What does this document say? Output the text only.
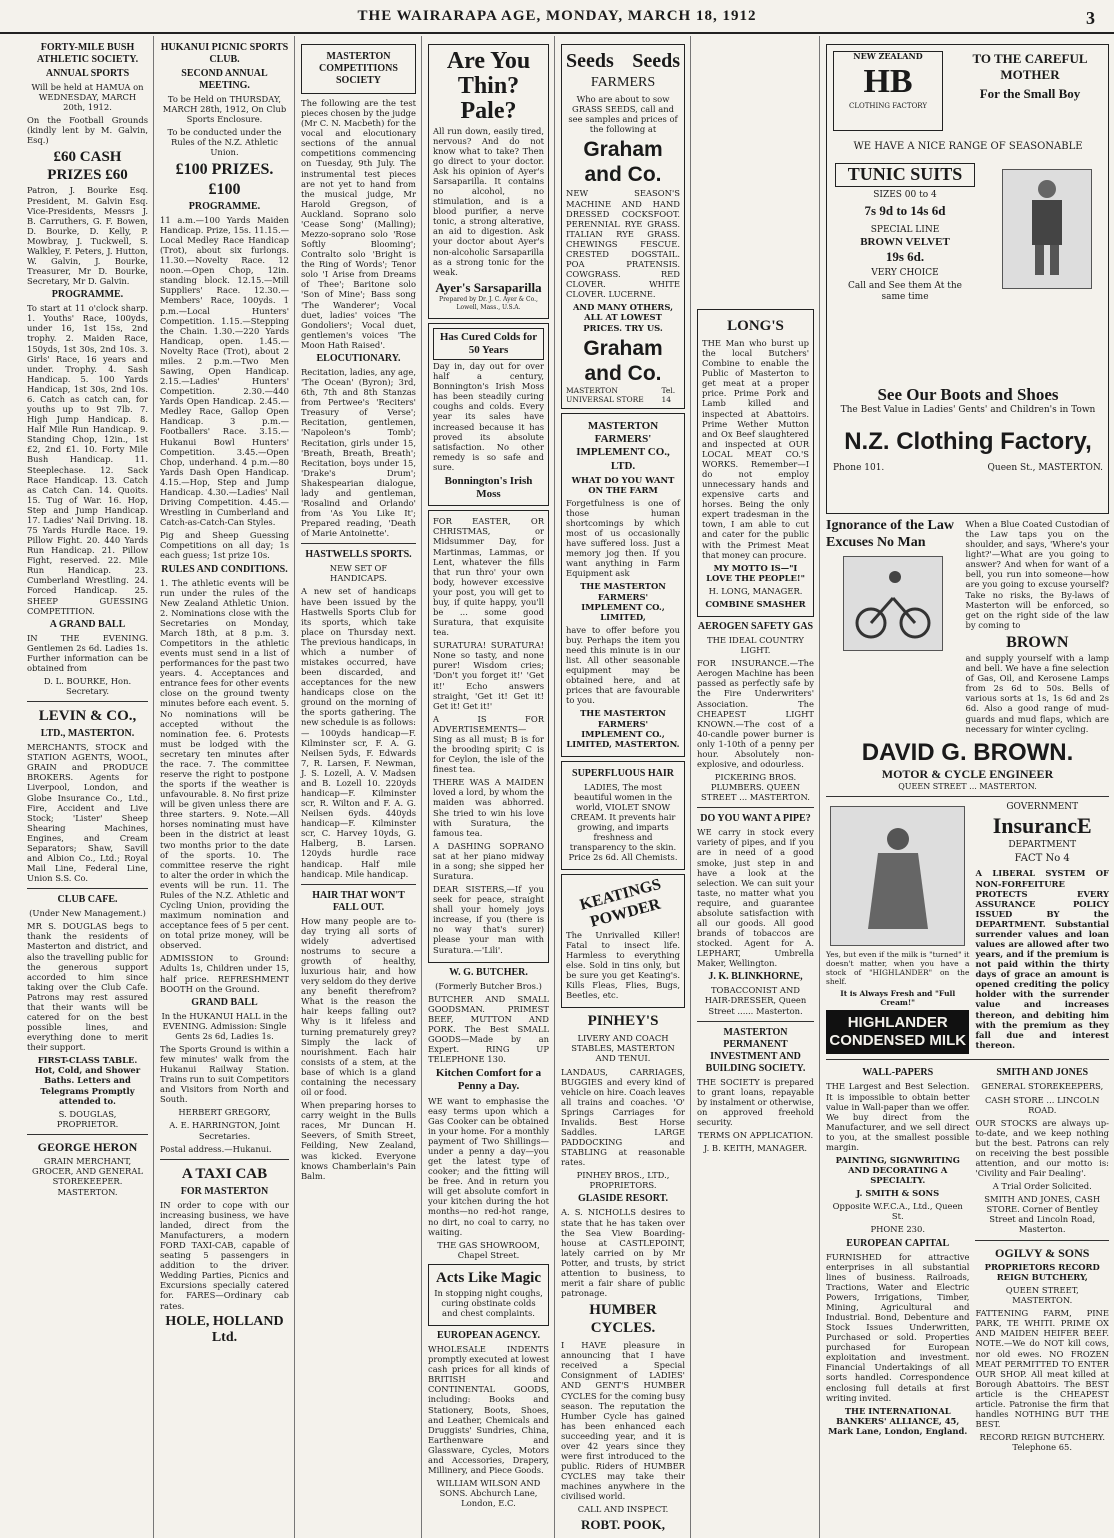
THE WAIRARAPA AGE, MONDAY, MARCH 18, 1912	3
FORTY-MILE BUSH ATHLETIC SOCIETY.
ANNUAL SPORTS

Will be held at HAMUA on WEDNESDAY, MARCH 20th, 1912.

On the Football Grounds (kindly lent by M. Galvin, Esq.)

£60 CASH PRIZES £60

Patron, J. Bourke Esq. President, M. Galvin Esq. Vice-Presidents, Messrs J. B. Carruthers, G. F. Bowen, D. Bourke, D. Kelly, P. Mowbray, J. Tuckwell, S. Walkley, F. Peters, J. Hutton, W. Galvin, J. Bourke, Treasurer, Mr D. Bourke, Secretary, Mr D. Galvin.

PROGRAMME.

To start at 11 o'clock sharp. 1. Youths' Race, 100yds, under 16, 1st 15s, 2nd trophy. 2. Maiden Race, 150yds, 1st 30s, 2nd 10s. 3. Girls' Race, 16 years and under. Trophy. 4. Sash Handicap. 5. 100 Yards Handicap, 1st 30s, 2nd 10s. 6. Catch as catch can, for youths up to 9st 7lb. 7. High Jump Handicap. 8. Half Mile Run Handicap. 9. Standing Chop, 12in., 1st £2, 2nd £1. 10. Forty Mile Bush Handicap. 11. Steeplechase. 12. Sack Race Handicap. 13. Catch as Catch Can. 14. Quoits. 15. Tug of War. 16. Hop, Step and Jump Handicap. 17. Ladies' Nail Driving. 18. 75 Yards Hurdle Race. 19. Pillow Fight. 20. 440 Yards Run Handicap. 21. Pillow Fight, reserved. 22. Mile Run Handicap. 23. Cumberland Wrestling. 24. Forced Handicap. 25. SHEEP GUESSING COMPETITION.

A GRAND BALL

IN THE EVENING. Gentlemen 2s 6d. Ladies 1s. Further information can be obtained from

D. L. BOURKE, Hon. Secretary.

LEVIN & CO.,
LTD., MASTERTON.

MERCHANTS, STOCK and STATION AGENTS, WOOL, GRAIN and PRODUCE BROKERS. Agents for Liverpool, London, and Globe Insurance Co., Ltd., Fire, Accident and Live Stock; 'Lister' Sheep Shearing Machines, Engines, and Cream Separators; Shaw, Savill and Albion Co., Ltd.; Royal Mail Line, Federal Line, Union S.S. Co.

CLUB CAFE.

(Under New Management.)

MR S. DOUGLAS begs to thank the residents of Masterton and district, and also the travelling public for the generous support accorded to him since taking over the Club Cafe. Patrons may rest assured that their wants will be catered for on the best possible lines, and everything done to merit their support.

FIRST-CLASS TABLE. Hot, Cold, and Shower Baths. Letters and Telegrams Promptly attended to.

S. DOUGLAS, PROPRIETOR.

GEORGE HERON

GRAIN MERCHANT, GROCER, AND GENERAL STOREKEEPER. MASTERTON.

HUKANUI PICNIC SPORTS CLUB.
SECOND ANNUAL MEETING.

To be Held on THURSDAY, MARCH 28th, 1912, On Club Sports Enclosure.

To be conducted under the Rules of the N.Z. Athletic Union.

£100 PRIZES. £100
PROGRAMME.

11 a.m.—100 Yards Maiden Handicap. Prize, 15s. 11.15.—Local Medley Race Handicap (Trot), about six furlongs. 11.30.—Novelty Race. 12 noon.—Open Chop, 12in. standing block. 12.15.—Mill Suppliers' Race. 12.30.—Members' Race, 100yds. 1 p.m.—Local Hunters' Competition. 1.15.—Stepping the Chain. 1.30.—220 Yards Handicap, open. 1.45.—Novelty Race (Trot), about 2 miles. 2 p.m.—Two Men Sawing, Open Handicap. 2.15.—Ladies' Hunters' Competition. 2.30.—440 Yards Open Handicap. 2.45.—Medley Race, Gallop Open Handicap. 3 p.m.—Footballers' Race. 3.15.—Hukanui Bowl Hunters' Competition. 3.45.—Open Chop, underhand. 4 p.m.—80 Yards Dash Open Handicap. 4.15.—Hop, Step and Jump Handicap. 4.30.—Ladies' Nail Driving Competition. 4.45.—Wrestling in Cumberland and Catch-as-Catch-Can Styles.

Pig and Sheep Guessing Competitions on all day; 1s each guess; 1st prize 10s.

RULES AND CONDITIONS.

1. The athletic events will be run under the rules of the New Zealand Athletic Union. 2. Nominations close with the Secretaries on Monday, March 18th, at 8 p.m. 3. Competitors in the athletic events must send in a list of performances for the past two years. 4. Acceptances and entrance fees for other events close on the ground twenty minutes before each event. 5. No nominations will be accepted without the nomination fee. 6. Protests must be lodged with the secretary ten minutes after the race. 7. The committee reserve the right to postpone the sports if the weather is unfavourable. 8. No first prize will be given unless there are three starters. 9. Note.—All horses nominating must have been in the district at least two months prior to the date of the sports. 10. The committee reserve the right to alter the order in which the events will be run. 11. The Rules of the N.Z. Athletic and Cycling Union, providing the maximum nomination and acceptance fees of 5 per cent. on total prize money, will be observed.

ADMISSION to Ground: Adults 1s, Children under 15, half price. REFRESHMENT BOOTH on the Ground.

GRAND BALL

In the HUKANUI HALL in the EVENING. Admission: Single Gents 2s 6d, Ladies 1s.

The Sports Ground is within a few minutes' walk from the Hukanui Railway Station. Trains run to suit Competitors and Visitors from North and South.

HERBERT GREGORY,

A. E. HARRINGTON, Joint Secretaries.

Postal address.—Hukanui.

A TAXI CAB
FOR MASTERTON

IN order to cope with our increasing business, we have landed, direct from the Manufacturers, a modern FORD TAXI-CAB, capable of seating 5 passengers in addition to the driver. Wedding Parties, Picnics and Excursions specially catered for. FARES—Ordinary cab rates.

HOLE, HOLLAND Ltd.
MASTERTON COMPETITIONS SOCIETY

The following are the test pieces chosen by the judge (Mr C. N. Macbeth) for the vocal and elocutionary sections of the annual competitions commencing on Tuesday, 9th July. The instrumental test pieces are not yet to hand from the musical judge, Mr Harold Gregson, of Auckland. Soprano solo 'Cease Song' (Malling); Mezzo-soprano solo 'Rose Softly Blooming'; Contralto solo 'Bright is the Ring of Words'; Tenor solo 'I Arise from Dreams of Thee'; Baritone solo 'Son of Mine'; Bass song 'The Wanderer'; Vocal duet, ladies' voices 'The Gondoliers'; Vocal duet, gentlemen's voices 'The Moon Hath Raised'.

ELOCUTIONARY.

Recitation, ladies, any age, 'The Ocean' (Byron); 3rd, 6th, 7th and 8th Stanzas from Pertwee's 'Reciters' Treasury of Verse'; Recitation, gentlemen, 'Napoleon's Tomb'; Recitation, girls under 15, 'Breath, Breath, Breath'; Recitation, boys under 15, 'Drake's Drum'; Shakespearian dialogue, lady and gentleman, 'Rosalind and Orlando' from 'As You Like It'; Prepared reading, 'Death of Marie Antoinette'.

HASTWELLS SPORTS.

NEW SET OF HANDICAPS.

A new set of handicaps have been issued by the Hastwells Sports Club for its sports, which take place on Thursday next. The previous handicaps, in which a number of mistakes occurred, have been discarded, and acceptances for the new handicaps close on the ground on the morning of the sports gathering. The new schedule is as follows:— 100yds handicap—F. Kilminster scr, F. A. G. Neilsen 5yds, F. Edwards 7, R. Larsen, F. Newman, J. S. Lozell, A. V. Madsen and B. Lozell 10. 220yds handicap—F. Kilminster scr, R. Wilton and F. A. G. Neilsen 6yds. 440yds handicap—F. Kilminster scr, C. Harvey 10yds, G. Halberg, B. Larsen. 120yds hurdle race handicap. Half mile handicap. Mile handicap.

HAIR THAT WON'T FALL OUT.

How many people are to-day trying all sorts of widely advertised nostrums to secure a growth of healthy, luxurious hair, and how very seldom do they derive any benefit therefrom? What is the reason the hair keeps falling out? Why is it lifeless and turning prematurely grey? Simply the lack of nourishment. Each hair consists of a stem, at the base of which is a gland containing the necessary oil or food.

When preparing horses to carry weight in the Bulls races, Mr Duncan H. Seevers, of Smith Street, Feilding, New Zealand, was kicked. Everyone knows Chamberlain's Pain Balm.

Are You Thin? Pale?

All run down, easily tired, nervous? And do not know what to take? Then go direct to your doctor. Ask his opinion of Ayer's Sarsaparilla. It contains no alcohol, no stimulation, and is a blood purifier, a nerve tonic, a strong alterative, an aid to digestion. Ask your doctor about Ayer's non-alcoholic Sarsaparilla as a strong tonic for the weak.

Ayer's Sarsaparilla

Prepared by Dr. J. C. Ayer & Co., Lowell, Mass., U.S.A.

Has Cured Colds for 50 Years

Day in, day out for over half a century, Bonnington's Irish Moss has been steadily curing coughs and colds. Every year its sales have increased because it has proved its absolute satisfaction. No other remedy is so safe and sure.

Bonnington's Irish Moss

FOR EASTER, OR CHRISTMAS, or Midsummer Day, for Martinmas, Lammas, or Lent, whatever the fills that run thro' your own body, however excessive your post, you will get to buy, if quite happy, you'll be ... some good Suratura, that exquisite tea.

SURATURA! SURATURA! None so tasty, and none purer! Wisdom cries; 'Don't you forget it!' 'Get it!' Echo answers straight, 'Get it! Get it! Get it! Get it!'

A IS FOR ADVERTISEMENTS—Sing as all must; B is for the brooding spirit; C is for Ceylon, the isle of the finest tea.

THERE WAS A MAIDEN loved a lord, by whom the maiden was abhorred. She tried to win his love with Suratura, the famous tea.

A DASHING SOPRANO sat at her piano midway in a song; she sipped her Suratura.

DEAR SISTERS,—If you seek for peace, straight shall your homely joys increase, if you (there is no way that's surer) please your man with Suratura.—'Lili'.

W. G. BUTCHER.

(Formerly Butcher Bros.)

BUTCHER AND SMALL GOODSMAN. PRIMEST BEEF, MUTTON AND PORK. The Best SMALL GOODS—Made by an Expert. RING UP TELEPHONE 130.

Kitchen Comfort for a Penny a Day.

WE want to emphasise the easy terms upon which a Gas Cooker can be obtained in your home. For a monthly payment of Two Shillings—under a penny a day—you get the latest type of cooker; and the fitting will be free. And in return you will get absolute comfort in your kitchen during the hot months—no red-hot range, no dirt, no coal to carry, no waiting.

THE GAS SHOWROOM, Chapel Street.

Acts Like Magic

In stopping night coughs, curing obstinate colds and chest complaints.

EUROPEAN AGENCY.

WHOLESALE INDENTS promptly executed at lowest cash prices for all kinds of BRITISH and CONTINENTAL GOODS, including: Books and Stationery, Boots, Shoes, and Leather, Chemicals and Druggists' Sundries, China, Earthenware and Glassware, Cycles, Motors and Accessories, Drapery, Millinery, and Piece Goods.

WILLIAM WILSON AND SONS. Abchurch Lane, London, E.C.

Seeds Seeds
FARMERS

Who are about to sow GRASS SEEDS, call and see samples and prices of the following at

Graham and Co.

NEW SEASON'S MACHINE AND HAND DRESSED COCKSFOOT. PERENNIAL RYE GRASS. ITALIAN RYE GRASS. CHEWINGS FESCUE. CRESTED DOGSTAIL. POA PRATENSIS. COWGRASS. RED CLOVER. WHITE CLOVER. LUCERNE.

AND MANY OTHERS, ALL AT LOWEST PRICES. TRY US.

Graham and Co.
MASTERTON UNIVERSAL STORE
Tel. 14
MASTERTON FARMERS' IMPLEMENT CO., LTD.

WHAT DO YOU WANT ON THE FARM

Forgetfulness is one of those human shortcomings by which most of us occasionally have suffered loss. Just a memory jog then. If you want anything in Farm Equipment ask

THE MASTERTON FARMERS' IMPLEMENT CO., LIMITED,

have to offer before you buy. Perhaps the item you need this minute is in our list. All other seasonable equipment may be obtained here, and at prices that are favourable to you.

THE MASTERTON FARMERS' IMPLEMENT CO., LIMITED, MASTERTON.

SUPERFLUOUS HAIR

LADIES, The most beautiful women in the world, VIOLET SNOW CREAM. It prevents hair growing, and imparts freshness and transparency to the skin. Price 2s 6d. All Chemists.

KEATINGS POWDER

The Unrivalled Killer! Fatal to insect life. Harmless to everything else. Sold in tins only, but be sure you get Keating's. Kills Fleas, Flies, Bugs, Beetles, etc.

PINHEY'S

LIVERY AND COACH STABLES, MASTERTON AND TENUI.

LANDAUS, CARRIAGES, BUGGIES and every kind of vehicle on hire. Coach leaves all trains and coaches. 'O' Springs Carriages for Invalids. Best Horse Saddles. LARGE PADDOCKING and STABLING at reasonable rates.

PINHEY BROS., LTD., PROPRIETORS.

GLASIDE RESORT.

A. S. NICHOLLS desires to state that he has taken over the Sea View Boarding-house at CASTLEPOINT, lately carried on by Mr Potter, and trusts, by strict attention to business, to merit a fair share of public patronage.

HUMBER CYCLES.

I HAVE pleasure in announcing that I have received a Special Consignment of LADIES' AND GENT'S HUMBER CYCLES for the coming busy season. The reputation the Humber Cycle has gained has been enhanced each succeeding year, and it is over 42 years since they were first introduced to the public. Riders of HUMBER CYCLES may take their machines anywhere in the civilised world.

CALL AND INSPECT.

ROBT. POOK,
LONG'S

THE Man who burst up the local Butchers' Combine to enable the Public of Masterton to get meat at a proper price. Prime Pork and Lamb killed and inspected at Abattoirs. Prime Wether Mutton and Ox Beef slaughtered and inspected at OUR LOCAL MEAT CO.'S WORKS. Remember—I do not employ unnecessary hands and expensive carts and horses. Being the only expert tradesman in the town, I am able to cut and cater for the public with the Primest Meat that money can procure.

MY MOTTO IS—"I LOVE THE PEOPLE!"

H. LONG, MANAGER.

COMBINE SMASHER

AEROGEN SAFETY GAS

THE IDEAL COUNTRY LIGHT.

FOR INSURANCE.—The Aerogen Machine has been passed as perfectly safe by the Fire Underwriters' Association. The CHEAPEST LIGHT KNOWN.—The cost of a 40-candle power burner is only 1-10th of a penny per hour. Absolutely non-explosive, and odourless.

PICKERING BROS. PLUMBERS. QUEEN STREET ... MASTERTON.

DO YOU WANT A PIPE?

WE carry in stock every variety of pipes, and if you are in need of a good smoke, just step in and have a look at the selection. We can suit your taste, no matter what you require, and guarantee absolute satisfaction with all our goods. All good brands of tobaccos are stocked. Agent for A. LEPHART, Umbrella Maker, Wellington.

J. K. BLINKHORNE,

TOBACCONIST AND HAIR-DRESSER, Queen Street ...... Masterton.

MASTERTON PERMANENT INVESTMENT AND BUILDING SOCIETY.

THE SOCIETY is prepared to grant loans, repayable by instalment or otherwise, on approved freehold security.

TERMS ON APPLICATION.

J. B. KEITH, MANAGER.

NEW ZEALAND
HB
CLOTHING FACTORY
TO THE CAREFUL MOTHER
For the Small Boy
WE HAVE A NICE RANGE OF SEASONABLE
TUNIC SUITS
SIZES 00 to 4
7s 9d to 14s 6d
SPECIAL LINE
BROWN VELVET
19s 6d.
VERY CHOICE
Call and See them At the same time
See Our Boots and Shoes
The Best Value in Ladies' Gents' and Children's in Town
N.Z. Clothing Factory,
Phone 101.	Queen St., MASTERTON.
Ignorance of the Law Excuses No Man

When a Blue Coated Custodian of the Law taps you on the shoulder, and says, 'Where's your light?'—What are you going to answer? And when for want of a bell, you run into someone—how are you going to excuse yourself? Take no risks, the By-laws of Masterton will be enforced, so get on the right side of the law by coming to

BROWN

and supply yourself with a lamp and bell. We have a fine selection of Gas, Oil, and Kerosene Lamps from 2s 6d to 50s. Bells of various sorts at 1s, 1s 6d and 2s 6d. Also a good range of mud-guards and mud flaps, which are necessary for winter cycling.

DAVID G. BROWN.
MOTOR & CYCLE ENGINEER
QUEEN STREET ... MASTERTON.

Yes, but even if the milk is "turned" it doesn't matter, when you have a stock of "HIGHLANDER" on the shelf.

It is Always Fresh and "Full Cream!"

HIGHLANDER CONDENSED MILK
GOVERNMENT
InsurancE
DEPARTMENT
FACT No 4

A LIBERAL SYSTEM OF NON-FORFEITURE PROTECTS EVERY ASSURANCE POLICY ISSUED BY the DEPARTMENT. Substantial surrender values and loan values are allowed after two years, and if the premium is not paid within the thirty days of grace an amount is opened crediting the policy holder with the surrender value and increases thereon, and debiting him with the premium as they fall due and interest thereon.

WALL-PAPERS

THE Largest and Best Selection. It is impossible to obtain better value in Wall-paper than we offer. We buy direct from the Manufacturer, and we sell direct to you, at the smallest possible margin.

PAINTING, SIGNWRITING AND DECORATING A SPECIALTY.

J. SMITH & SONS

Opposite W.F.C.A., Ltd., Queen St.

PHONE 230.

EUROPEAN CAPITAL

FURNISHED for attractive enterprises in all substantial lines of business. Railroads, Tractions, Water and Electric Powers, Irrigations, Timber, Mining, Agricultural and Industrial. Bond, Debenture and Stock Issues Underwritten, Purchased or sold. Properties purchased for European exploitation and investment. Financial Undertakings of all sorts handled. Correspondence enclosing full details at first writing invited.

THE INTERNATIONAL BANKERS' ALLIANCE, 45, Mark Lane, London, England.

SMITH AND JONES

GENERAL STOREKEEPERS,

CASH STORE ... LINCOLN ROAD.

OUR STOCKS are always up-to-date, and we keep nothing but the best. Patrons can rely on receiving the best possible attention, and our motto is: 'Civility and Fair Dealing'.

A Trial Order Solicited.

SMITH AND JONES, CASH STORE. Corner of Bentley Street and Lincoln Road, Masterton.

OGILVY & SONS

PROPRIETORS RECORD REIGN BUTCHERY,

QUEEN STREET, MASTERTON.

FATTENING FARM, PINE PARK, TE WHITI. PRIME OX AND MAIDEN HEIFER BEEF. NOTE.—We do NOT kill cows, nor old ewes. NO FROZEN MEAT PERMITTED TO ENTER OUR SHOP. All meat killed at Borough Abattoirs. The BEST article is the CHEAPEST article. Patronise the firm that handles NOTHING BUT THE BEST.

RECORD REIGN BUTCHERY. Telephone 65.
